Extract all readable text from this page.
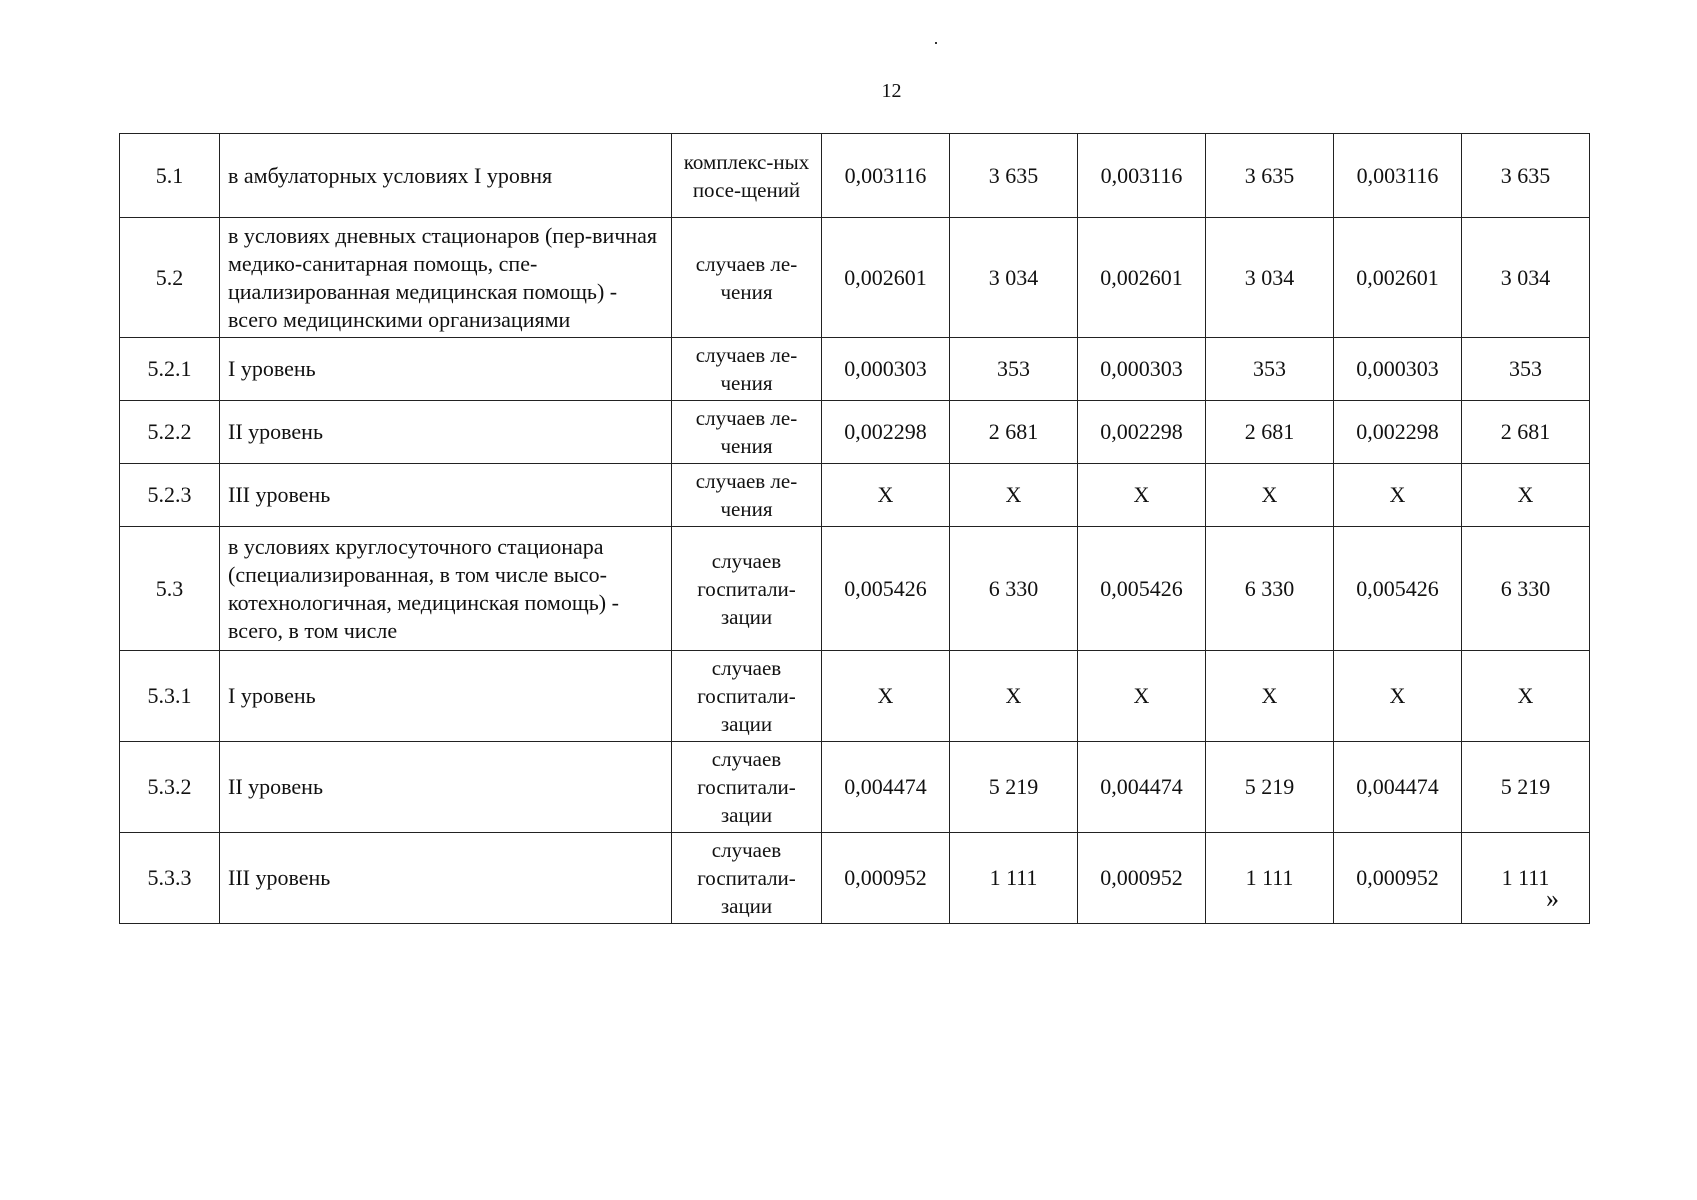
12
5.1	в амбулаторных условиях I уровня	комплекс-ных посе-щений	0,003116	3 635	0,003116	3 635	0,003116	3 635
5.2	в условиях дневных стационаров (пер-вичная медико-санитарная помощь, спе-циализированная медицинская помощь) - всего медицинскими организациями	случаев ле-чения	0,002601	3 034	0,002601	3 034	0,002601	3 034
5.2.1	I уровень	случаев ле-чения	0,000303	353	0,000303	353	0,000303	353
5.2.2	II уровень	случаев ле-чения	0,002298	2 681	0,002298	2 681	0,002298	2 681
5.2.3	III уровень	случаев ле-чения	Х	Х	Х	Х	Х	Х
5.3	в условиях круглосуточного стационара (специализированная, в том числе высо-котехнологичная, медицинская помощь) - всего, в том числе	случаев госпитали-зации	0,005426	6 330	0,005426	6 330	0,005426	6 330
5.3.1	I уровень	случаев госпитали-зации	Х	Х	Х	Х	Х	Х
5.3.2	II уровень	случаев госпитали-зации	0,004474	5 219	0,004474	5 219	0,004474	5 219
5.3.3	III уровень	случаев госпитали-зации	0,000952	1 111	0,000952	1 111	0,000952	1 111
»
